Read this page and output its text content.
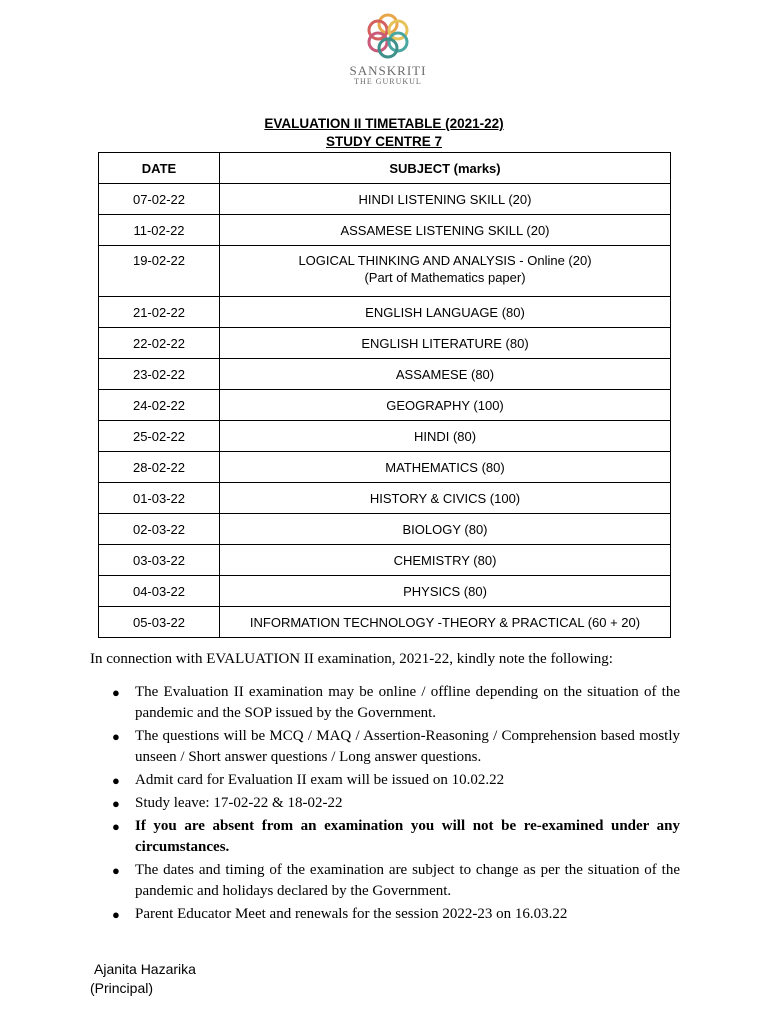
SANSKRITI
THE GURUKUL
EVALUATION II TIMETABLE (2021-22)
STUDY CENTRE 7
DATE	SUBJECT (marks)
07-02-22	HINDI LISTENING SKILL (20)
11-02-22	ASSAMESE LISTENING SKILL (20)
19-02-22	LOGICAL THINKING AND ANALYSIS - Online (20)
(Part of Mathematics paper)

21-02-22	ENGLISH LANGUAGE (80)
22-02-22	ENGLISH LITERATURE (80)
23-02-22	ASSAMESE (80)
24-02-22	GEOGRAPHY (100)
25-02-22	HINDI (80)
28-02-22	MATHEMATICS (80)
01-03-22	HISTORY & CIVICS (100)
02-03-22	BIOLOGY (80)
03-03-22	CHEMISTRY (80)
04-03-22	PHYSICS (80)
05-03-22	INFORMATION TECHNOLOGY -THEORY & PRACTICAL (60 + 20)

In connection with EVALUATION II examination, 2021-22, kindly note the following:

● The Evaluation II examination may be online / offline depending on the situation of the pandemic and the SOP issued by the Government.
● The questions will be MCQ / MAQ / Assertion-Reasoning / Comprehension based mostly unseen / Short answer questions / Long answer questions.
● Admit card for Evaluation II exam will be issued on 10.02.22
● Study leave: 17-02-22 & 18-02-22
● If you are absent from an examination you will not be re-examined under any circumstances.
● The dates and timing of the examination are subject to change as per the situation of the pandemic and holidays declared by the Government.
● Parent Educator Meet and renewals for the session 2022-23 on 16.03.22
Ajanita Hazarika
(Principal)
